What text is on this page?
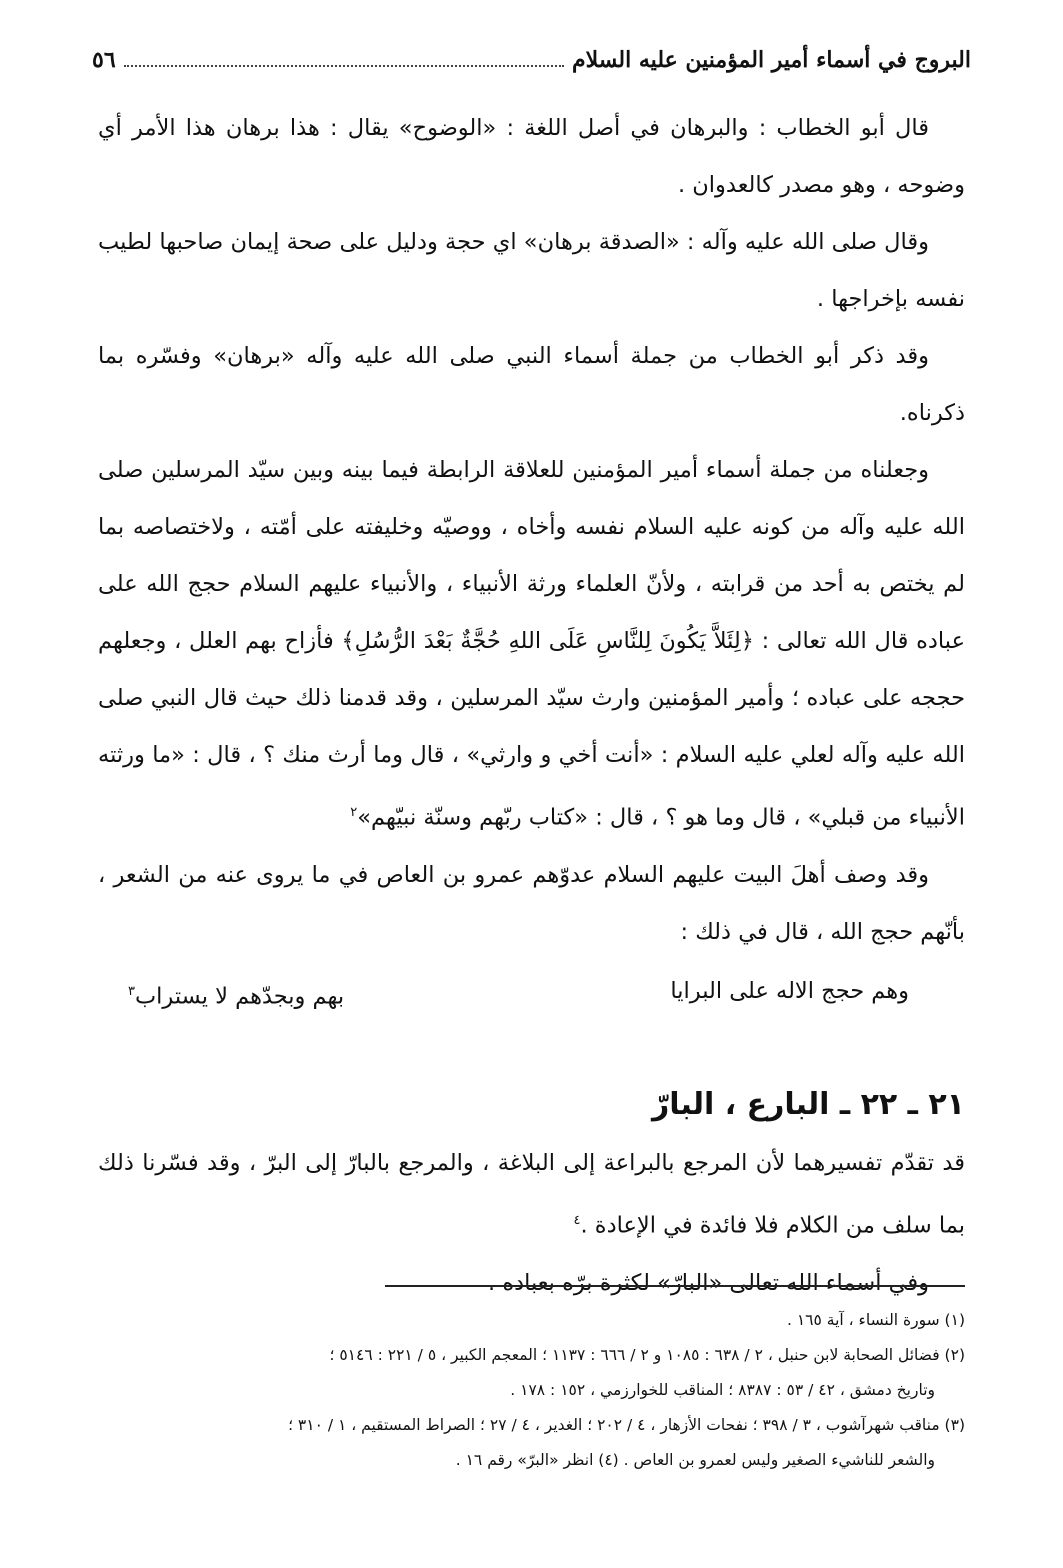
البروج في أسماء أمير المؤمنين عليه السلام
٥٦

قال أبو الخطاب : والبرهان في أصل اللغة : «الوضوح» يقال : هذا برهان هذا الأمر أي وضوحه ، وهو مصدر كالعدوان .

وقال صلى الله عليه وآله : «الصدقة برهان» اي حجة ودليل على صحة إيمان صاحبها لطيب نفسه بإخراجها .

وقد ذكر أبو الخطاب من جملة أسماء النبي صلى الله عليه وآله «برهان» وفسّره بما ذكرناه.

وجعلناه من جملة أسماء أمير المؤمنين للعلاقة الرابطة فيما بينه وبين سيّد المرسلين صلى الله عليه وآله من كونه عليه السلام نفسه وأخاه ، ووصيّه وخليفته على أمّته ، ولاختصاصه بما لم يختص به أحد من قرابته ، ولأنّ العلماء ورثة الأنبياء ، والأنبياء عليهم السلام حجج الله على عباده قال الله تعالى : ﴿لِئَلاَّ يَكُونَ لِلنَّاسِ عَلَى اللهِ حُجَّةٌ بَعْدَ الرُّسُلِ﴾ فأزاح بهم العلل ، وجعلهم حججه على عباده ؛ وأمير المؤمنين وارث سيّد المرسلين ، وقد قدمنا ذلك حيث قال النبي صلى الله عليه وآله لعلي عليه السلام : «أنت أخي و وارثي» ، قال وما أرث منك ؟ ، قال : «ما ورثته الأنبياء من قبلي» ، قال وما هو ؟ ، قال : «كتاب ربّهم وسنّة نبيّهم»$^٢$

وقد وصف أهلَ البيت عليهم السلام عدوّهم عمرو بن العاص في ما يروى عنه من الشعر ، بأنّهم حجج الله ، قال في ذلك :

وهم حجج الاله على البرايا
بهم وبجدّهم لا يستراب$^٣$
٢١ ـ ٢٢ ـ البارع ، البارّ

قد تقدّم تفسيرهما لأن المرجع بالبراعة إلى البلاغة ، والمرجع بالبارّ إلى البرّ ، وقد فسّرنا ذلك بما سلف من الكلام فلا فائدة في الإعادة .$^٤$

وفي أسماء الله تعالى «البارّ» لكثرة برّه بعباده .

(١) سورة النساء ، آية ١٦٥ .

(٢) فضائل الصحابة لابن حنبل ، ٢ / ٦٣٨ : ١٠٨٥ و ٢ / ٦٦٦ : ١١٣٧ ؛ المعجم الكبير ، ٥ / ٢٢١ : ٥١٤٦ ؛

وتاريخ دمشق ، ٤٢ / ٥٣ : ٨٣٨٧ ؛ المناقب للخوارزمي ، ١٥٢ : ١٧٨ .

(٣) مناقب شهرآشوب ، ٣ / ٣٩٨ ؛ نفحات الأزهار ، ٤ / ٢٠٢ ؛ الغدير ، ٤ / ٢٧ ؛ الصراط المستقيم ، ١ / ٣١٠ ؛

والشعر للناشيء الصغير وليس لعمرو بن العاص . (٤) انظر «البرّ» رقم ١٦ .
